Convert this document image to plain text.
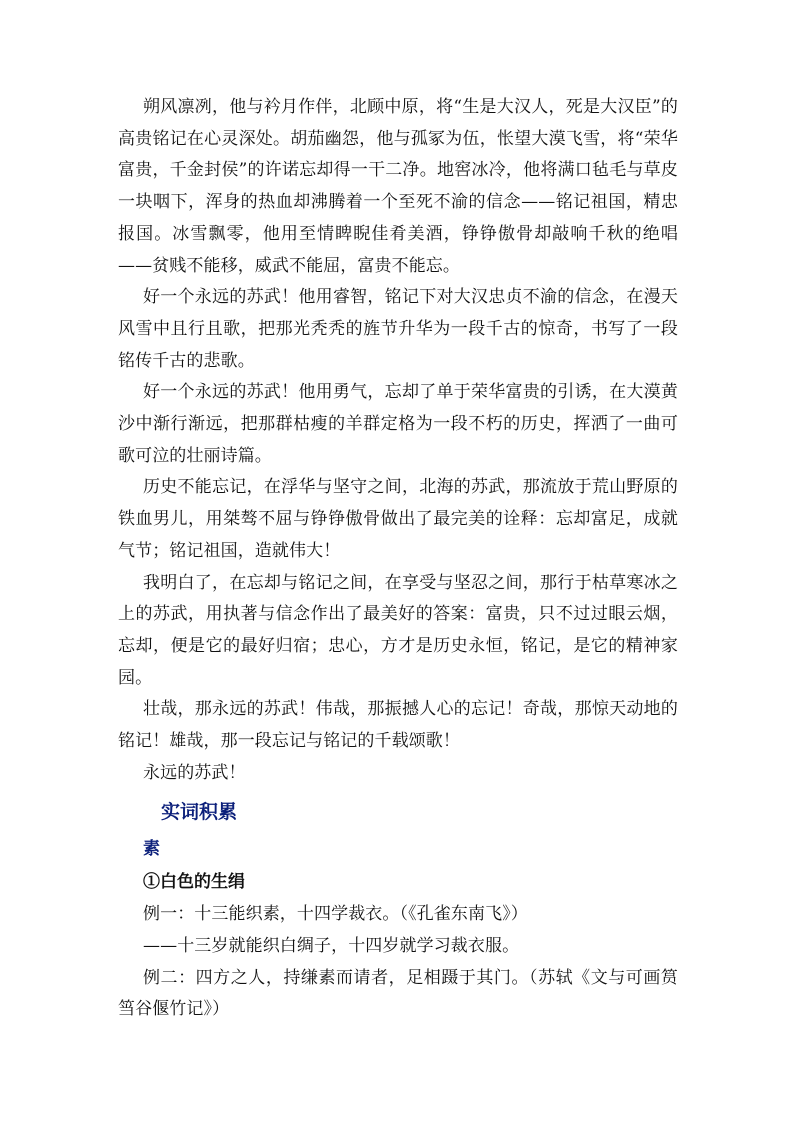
朔风凛冽，他与衿月作伴，北顾中原，将“生是大汉人，死是大汉臣”的高贵铭记在心灵深处。胡茄幽怨，他与孤冢为伍，怅望大漠飞雪，将“荣华富贵，千金封侯”的许诺忘却得一干二净。地窖冰冷，他将满口毡毛与草皮一块咽下，浑身的热血却沸腾着一个至死不渝的信念——铭记祖国，精忠报国。冰雪飘零，他用至情睥睨佳肴美酒，铮铮傲骨却敲响千秋的绝唱——贫贱不能移，威武不能屈，富贵不能忘。

好一个永远的苏武！他用睿智，铭记下对大汉忠贞不渝的信念，在漫天风雪中且行且歌，把那光秃秃的旌节升华为一段千古的惊奇，书写了一段铭传千古的悲歌。

好一个永远的苏武！他用勇气，忘却了单于荣华富贵的引诱，在大漠黄沙中渐行渐远，把那群枯瘦的羊群定格为一段不朽的历史，挥洒了一曲可歌可泣的壮丽诗篇。

历史不能忘记，在浮华与坚守之间，北海的苏武，那流放于荒山野原的铁血男儿，用桀骜不屈与铮铮傲骨做出了最完美的诠释：忘却富足，成就气节；铭记祖国，造就伟大！

我明白了，在忘却与铭记之间，在享受与坚忍之间，那行于枯草寒冰之上的苏武，用执著与信念作出了最美好的答案：富贵，只不过过眼云烟，忘却，便是它的最好归宿；忠心，方才是历史永恒，铭记，是它的精神家园。

壮哉，那永远的苏武！伟哉，那振撼人心的忘记！奇哉，那惊天动地的铭记！雄哉，那一段忘记与铭记的千载颂歌！

永远的苏武！

实词积累

素

①白色的生绢

例一：十三能织素，十四学裁衣。（《孔雀东南飞》）

——十三岁就能织白绸子，十四岁就学习裁衣服。

例二：四方之人，持缣素而请者，足相蹑于其门。（苏轼《文与可画筼筜谷偃竹记》）
